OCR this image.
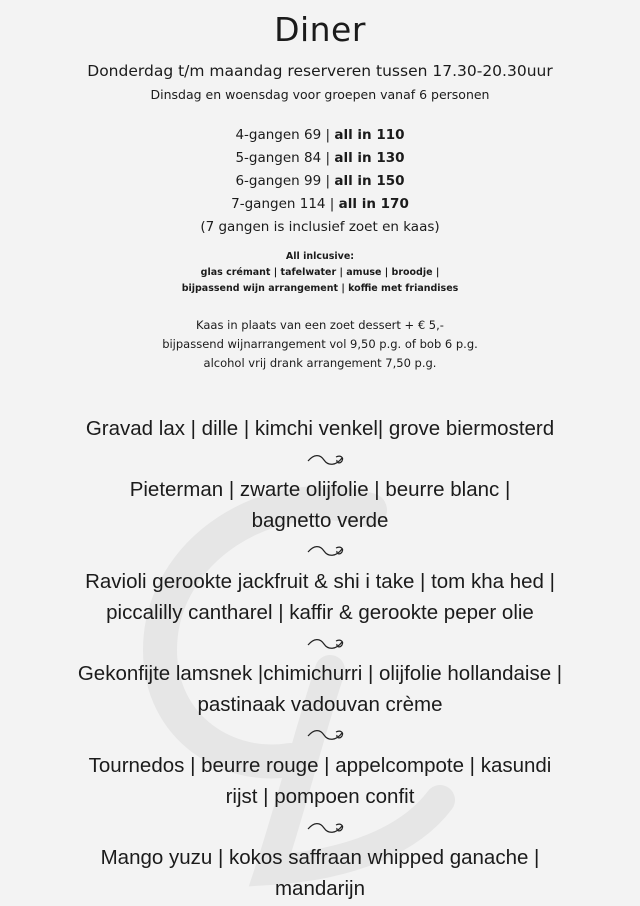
Diner
Donderdag t/m maandag reserveren tussen 17.30-20.30uur
Dinsdag en woensdag voor groepen vanaf 6 personen
4-gangen 69 | all in 110
5-gangen 84 | all in 130
6-gangen 99 | all in 150
7-gangen 114 | all in 170
(7 gangen is inclusief zoet en kaas)
All inlcusive:
glas crémant | tafelwater | amuse | broodje |
bijpassend wijn arrangement | koffie met friandises
Kaas in plaats van een zoet dessert + € 5,-
bijpassend wijnarrangement vol 9,50 p.g. of bob 6 p.g.
alcohol vrij drank arrangement 7,50 p.g.
Gravad lax | dille | kimchi venkel| grove biermosterd
Pieterman | zwarte olijfolie | beurre blanc |
bagnetto verde
Ravioli gerookte jackfruit & shi i take | tom kha hed |
piccalilly cantharel | kaffir & gerookte peper olie
Gekonfijte lamsnek |chimichurri | olijfolie hollandaise |
pastinaak vadouvan crème
Tournedos | beurre rouge | appelcompote | kasundi
rijst | pompoen confit
Mango yuzu | kokos saffraan whipped ganache |
mandarijn
